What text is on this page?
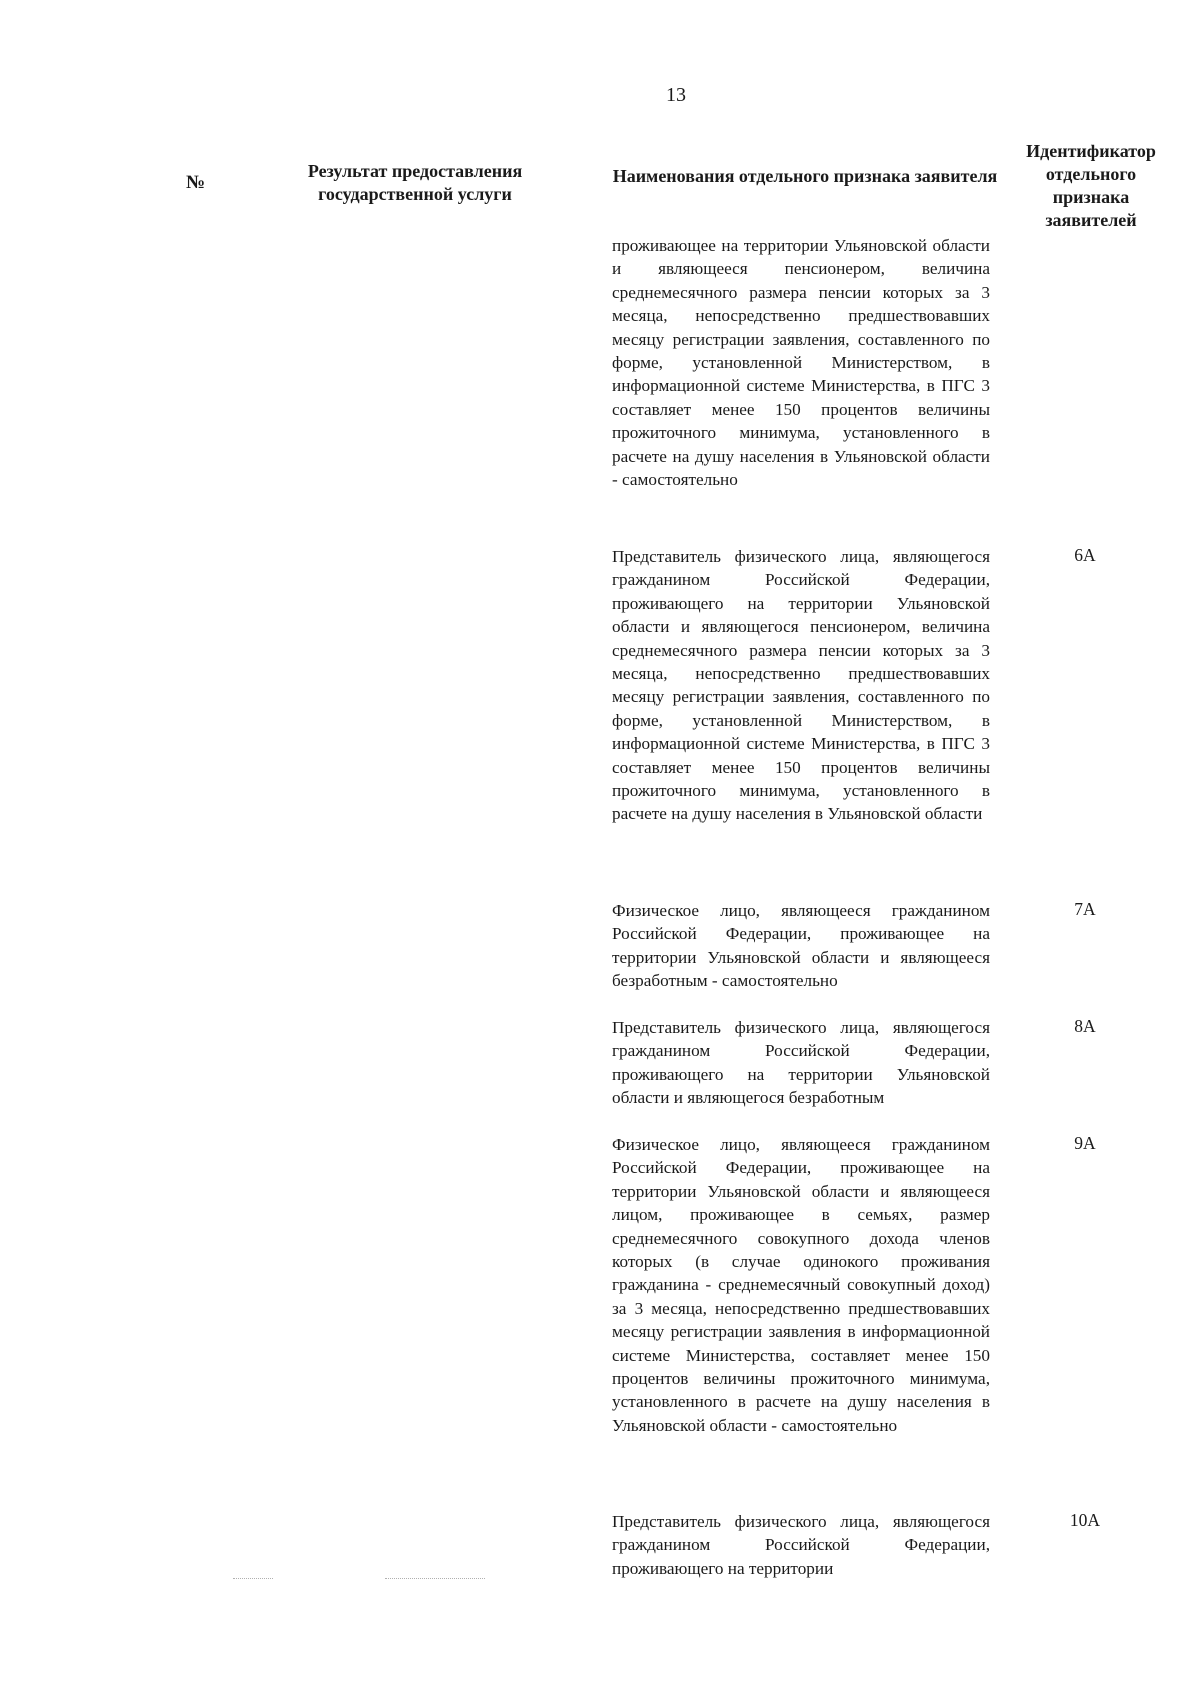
13
№
Результат предоставления государственной услуги
Наименования отдельного признака заявителя
Идентификатор отдельного признака заявителей
проживающее на территории Ульяновской области и являющееся пенсионером, величина среднемесячного размера пенсии которых за 3 месяца, непосредственно предшествовавших месяцу регистрации заявления, составленного по форме, установленной Министерством, в информационной системе Министерства, в ПГС 3 составляет менее 150 процентов величины прожиточного минимума, установленного в расчете на душу населения в Ульяновской области - самостоятельно
Представитель физического лица, являющегося гражданином Российской Федерации, проживающего на территории Ульяновской области и являющегося пенсионером, величина среднемесячного размера пенсии которых за 3 месяца, непосредственно предшествовавших месяцу регистрации заявления, составленного по форме, установленной Министерством, в информационной системе Министерства, в ПГС 3 составляет менее 150 процентов величины прожиточного минимума, установленного в расчете на душу населения в Ульяновской области
6А
Физическое лицо, являющееся гражданином Российской Федерации, проживающее на территории Ульяновской области и являющееся безработным - самостоятельно
7А
Представитель физического лица, являющегося гражданином Российской Федерации, проживающего на территории Ульяновской области и являющегося безработным
8А
Физическое лицо, являющееся гражданином Российской Федерации, проживающее на территории Ульяновской области и являющееся лицом, проживающее в семьях, размер среднемесячного совокупного дохода членов которых (в случае одинокого проживания гражданина - среднемесячный совокупный доход) за 3 месяца, непосредственно предшествовавших месяцу регистрации заявления в информационной системе Министерства, составляет менее 150 процентов величины прожиточного минимума, установленного в расчете на душу населения в Ульяновской области - самостоятельно
9А
Представитель физического лица, являющегося гражданином Российской Федерации, проживающего на территории
10А
